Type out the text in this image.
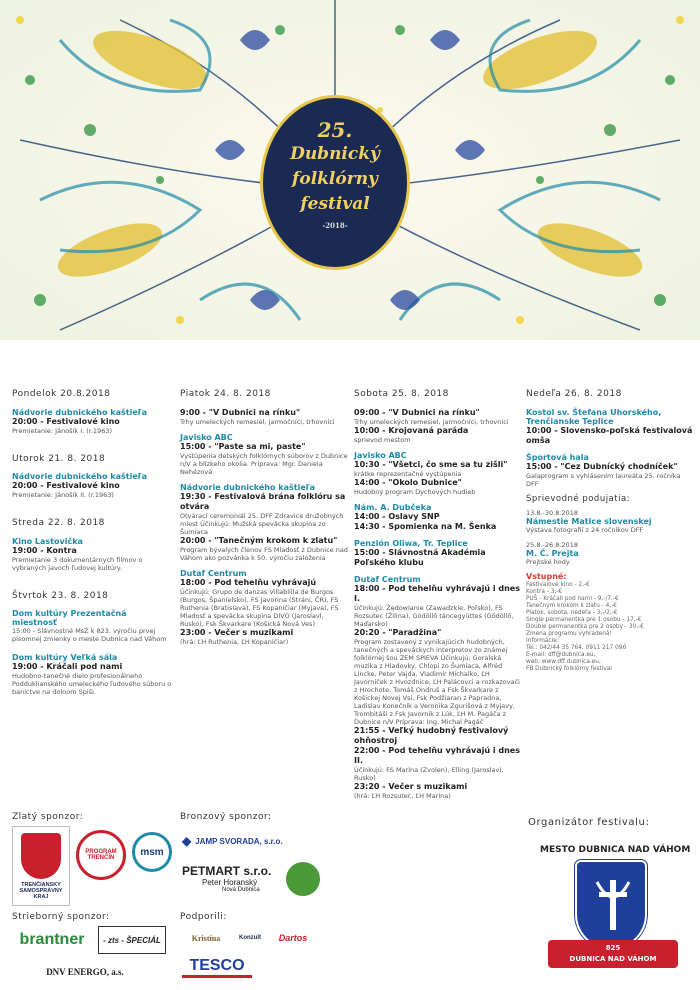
25.
Dubnický
folklórny
festival
-2018-
Pondelok 20.8.2018
Nádvorie dubnického kaštieľa
20:00 - Festivalové kino
Premietanie: Jánošík I. (r.1963)
Utorok 21. 8. 2018
Nádvorie dubnického kaštieľa
20:00 - Festivalové kino
Premietanie: Jánošík II. (r.1963)
Streda 22. 8. 2018
Kino Lastovička
19:00 - Kontra
Premietanie 3 dokumentárnych filmov o vybraných javoch ľudovej kultúry.
Štvrtok 23. 8. 2018
Dom kultúry Prezentačná miestnosť
15:00 - Slávnostné MsZ k 823. výročiu prvej písomnej zmienky o meste Dubnica nad Váhom
Dom kultúry Veľká sála
19:00 - Kráčali pod nami
Hudobno-tanečné dielo profesionálneho Podduklianského umeleckého ľudového súboru o baníctve na dolnom Spiši.
Piatok 24. 8. 2018
9:00 - "V Dubnici na rínku"
Trhy umeleckých remesiel, jarmočníci, trhovníci
Javisko ABC
15:00 - "Paste sa mi, paste"
Vystúpenia detských folklórnych súborov z Dubnice n/V a blízkeho okolia. Príprava: Mgr. Daniela Nehézová
Nádvorie dubnického kaštieľa
19:30 - Festivalová brána folklóru sa otvára
Otvárací ceremoniál 25. DFF Zdravice družobných miest Účinkujú: Mužská spevácka skupina zo Šumiaca
20:00 - "Tanečným krokom k zlatu"
Program bývalých členov FS Mladosť z Dubnice nad Váhom ako pozvánka k 50. výročiu založenia
Dutaf Centrum
18:00 - Pod tehelňu vyhrávajú
Účinkujú: Grupo de danzas Villablilla de Burgos (Burgos, Španielsko), FS Javorina (Stráni, ČR), FS Ruthenia (Bratislava), FS Kopaničiar (Myjava), FS Mladosť a spevácka skupina DIVO (Jaroslavl, Rusko), Fsk Škvarkare (Košická Nová Ves)
23:00 - Večer s muzikami
(hrá: ĽH Ruthenia, ĽH Kopaničiar)
Sobota 25. 8. 2018
09:00 - "V Dubnici na rínku"
Trhy umeleckých remesiel, jarmočníci, trhovníci
10:00 - Krojovaná paráda
sprievod mestom
Javisko ABC
10:30 - "Všetci, čo sme sa tu zišli"
krátke reprezentačné vystúpenia
14:00 - "Okolo Dubnice"
Hudobný program Dychových hudieb
Nám. A. Dubčeka
14:00 - Oslavy SNP
14:30 - Spomienka na M. Šenka
Penzión Oliwa, Tr. Teplice
15:00 - Slávnostná Akadémia Poľského klubu
Dutaf Centrum
18:00 - Pod tehelňu vyhrávajú i dnes I.
Účinkujú: Źędowianie (Zawadzkie, Poľsko), FS Rozsutec (Žilina), Gödöllő táncegyüttes (Gödöllő, Maďarsko)
20:20 - "Paradžina"
Program zostavený z vynikajúcich hudobných, tanečných a speváckych interpretov zo známej folklórnej šou ZEM SPIEVA Účinkujú: Goralská muzika z Hladovky, Chlopi zo Šumiaca, Alfréd Lincke, Peter Vajda, Vladimír Michalko, ĽH Javorníček z Hvozdnice, ĽH Palácovci a rozkazovači z Hrochote, Tomáš Ondruš a Fsk Škvarkare z Košickej Novej Vsi, Fsk Podžiaran z Papradna, Ladislav Konečník a Veronika Zgurišová z Myjavy, Trombitáši z Fsk Javorník z Lúk, ĽH M. Pagáča z Dubnice n/V Príprava: Ing. Michal Pagáč
21:55 - Veľký hudobný festivalový ohňostroj
22:00 - Pod tehelňu vyhrávajú i dnes II.
Účinkujú: FS Marína (Zvolen), Elling (Jaroslavl, Rusko)
23:20 - Večer s muzikami
(hrá: ĽH Rozsutec, ĽH Marína)
Nedeľa 26. 8. 2018
Kostol sv. Štefana Uhorského, Trenčianske Teplice
10:00 - Slovensko-poľská festivalová omša
Športová hala
15:00 - "Cez Dubnícký chodníček"
Galaprogram s vyhlásením laureáta 25. ročníka DFF
Sprievodné podujatia:
13.8.-30.8.2018
Námestie Matice slovenskej
Výstava fotografií z 24 ročníkov DFF
25.8.-26.8.2018
M. Č. Prejta
Prejtské hody
Vstupné:
Festivalové kino - 2,-€
Kontra - 3,-€
PUŠ - Kráčali pod nami - 9,-/7,-€
Tanečným krokom k zlatu - 4,-€
Piatok, sobota, nedeľa - 3,-/2,-€
Single permanentka pre 1 osobu - 17,-€
Double permanentka pre 2 osoby - 30,-€
Zmena programu vyhradená!
Informácie:
Tel.: 042/44 35 764, 0911 217 096
E-mail: dff@dubnica.eu,
web: www.dff.dubnica.eu,
FB Dubnický folklórny festival
Zlatý sponzor:
TRENČIANSKY SAMOSPRÁVNY KRAJ
PROGRAM TRENČÍN
msm
Strieborný sponzor:
brantner	- zts - ŠPECIÁL
DNV ENERGO, a.s.
Bronzový sponzor:
◆ JAMP SVORADA, s.r.o.
PETMART s.r.o.
Peter Horanský
Nová Dubnica
Podporili:
Kristína	Konzult	Dartos
TESCO
Organizátor festivalu:
MESTO DUBNICA NAD VÁHOM
825
DUBNICA NAD VÁHOM
